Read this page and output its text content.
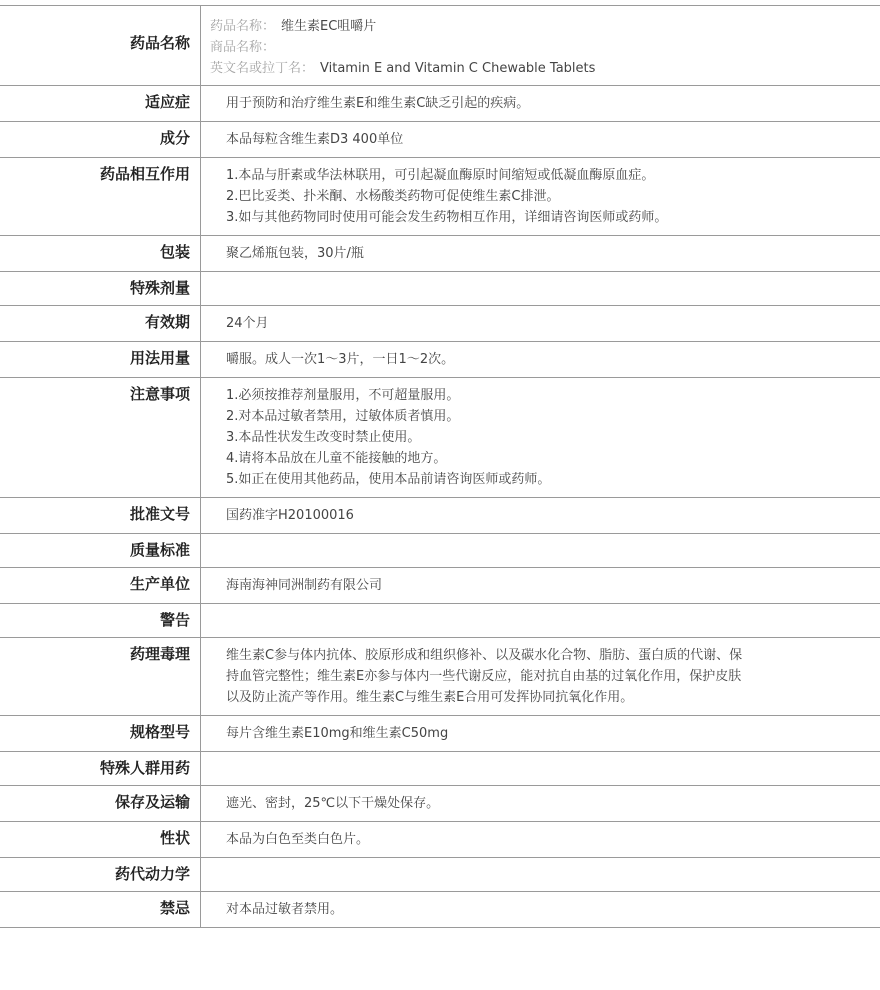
药品名称	药品名称： 维生素EC咀嚼片
商品名称：
英文名或拉丁名： Vitamin E and Vitamin C Chewable Tablets

适应症	用于预防和治疗维生素E和维生素C缺乏引起的疾病。
成分	本品每粒含维生素D3 400单位
药品相互作用	1.本品与肝素或华法林联用，可引起凝血酶原时间缩短或低凝血酶原血症。
2.巴比妥类、扑米酮、水杨酸类药物可促使维生素C排泄。
3.如与其他药物同时使用可能会发生药物相互作用，详细请咨询医师或药师。

包装	聚乙烯瓶包装，30片/瓶
特殊剂量	
有效期	24个月
用法用量	嚼服。成人一次1～3片，一日1～2次。
注意事项	1.必须按推荐剂量服用，不可超量服用。
2.对本品过敏者禁用，过敏体质者慎用。
3.本品性状发生改变时禁止使用。
4.请将本品放在儿童不能接触的地方。
5.如正在使用其他药品，使用本品前请咨询医师或药师。

批准文号	国药准字H20100016
质量标准	
生产单位	海南海神同洲制药有限公司
警告	
药理毒理	维生素C参与体内抗体、胶原形成和组织修补、以及碳水化合物、脂肪、蛋白质的代谢、保
持血管完整性；维生素E亦参与体内一些代谢反应，能对抗自由基的过氧化作用，保护皮肤
以及防止流产等作用。维生素C与维生素E合用可发挥协同抗氧化作用。

规格型号	每片含维生素E10mg和维生素C50mg
特殊人群用药	
保存及运输	遮光、密封，25℃以下干燥处保存。
性状	本品为白色至类白色片。
药代动力学	
禁忌	对本品过敏者禁用。
